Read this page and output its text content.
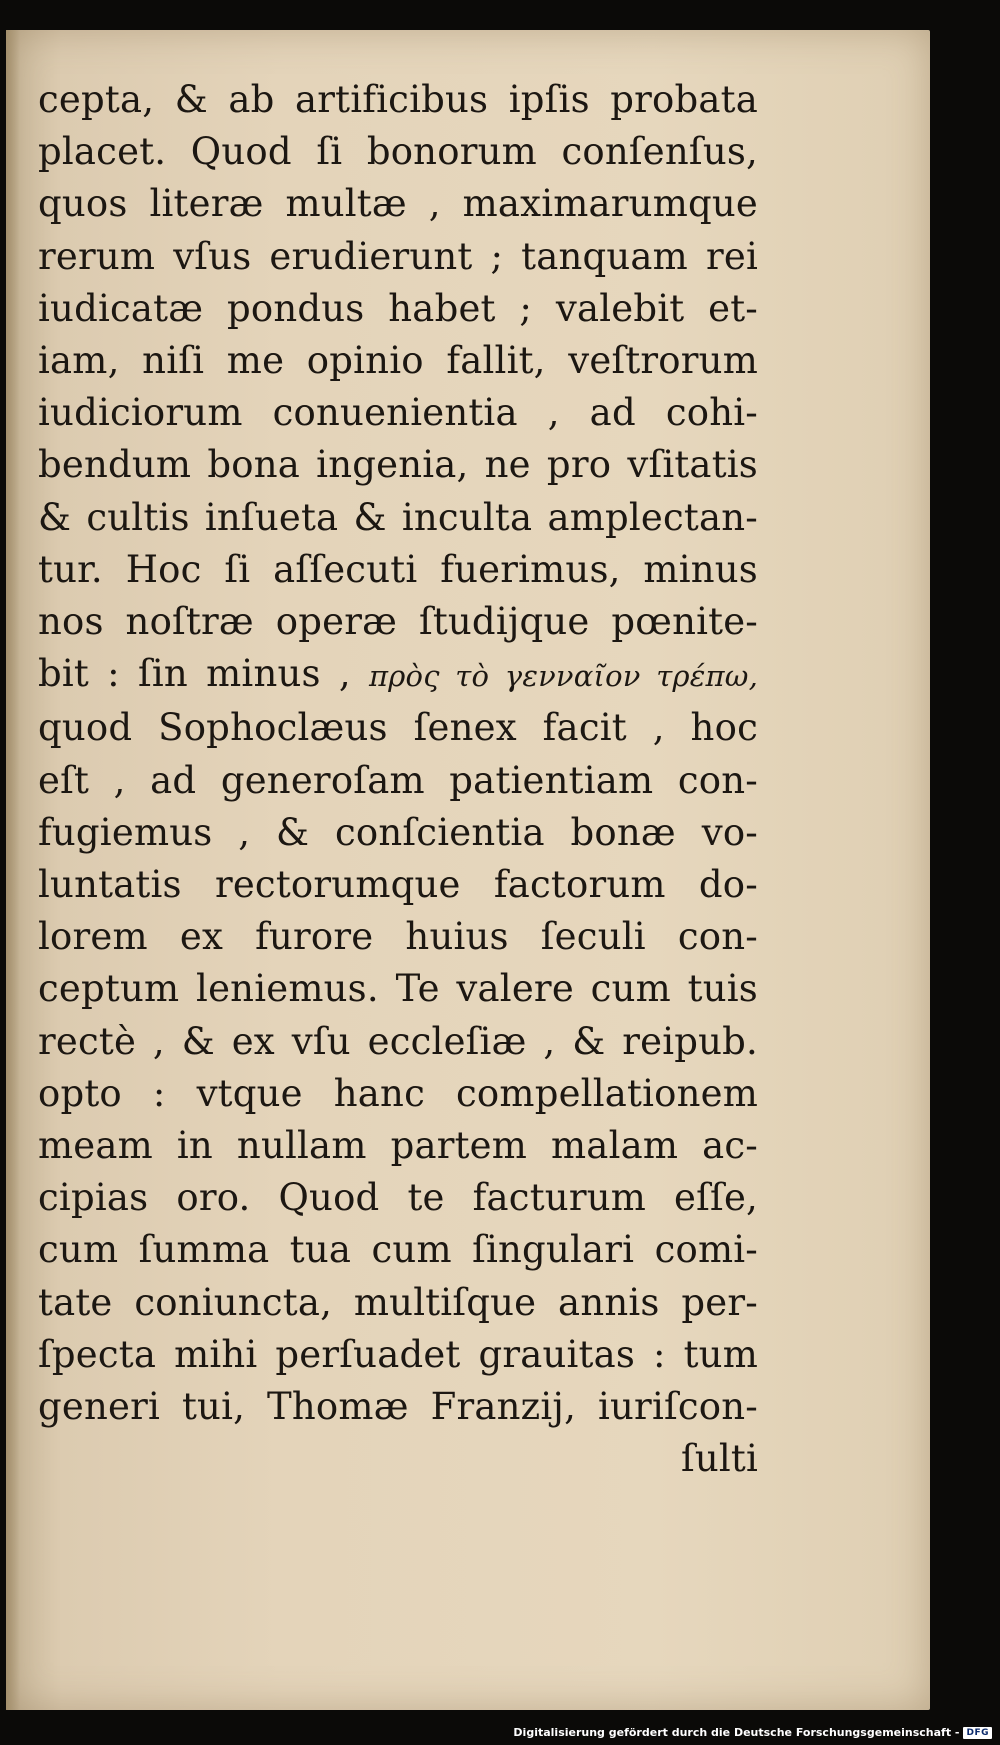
cepta, & ab artificibus ipſis probata
placet. Quod ſi bonorum conſenſus,
quos literæ multæ , maximarumque
rerum vſus erudierunt ; tanquam rei
iudicatæ pondus habet ; valebit et-
iam, niſi me opinio fallit, veſtrorum
iudiciorum conuenientia , ad cohi-
bendum bona ingenia, ne pro vſitatis
& cultis inſueta & inculta amplectan-
tur. Hoc ſi aſſecuti fuerimus, minus
nos noſtræ operæ ſtudijque pœnite-
bit : ſin minus , πρὸς τὸ γενναῖον τρέπω,
quod Sophoclæus ſenex facit , hoc
eſt , ad generoſam patientiam con-
fugiemus , & conſcientia bonæ vo-
luntatis rectorumque factorum do-
lorem ex furore huius ſeculi con-
ceptum leniemus. Te valere cum tuis
rectè , & ex vſu eccleſiæ , & reipub.
opto : vtque hanc compellationem
meam in nullam partem malam ac-
cipias oro. Quod te facturum eſſe,
cum ſumma tua cum ſingulari comi-
tate coniuncta, multiſque annis per-
ſpecta mihi perſuadet grauitas : tum
generi tui, Thomæ Franzij, iuriſcon-
ſulti
Digitalisierung gefördert durch die Deutsche Forschungsgemeinschaft - DFG
